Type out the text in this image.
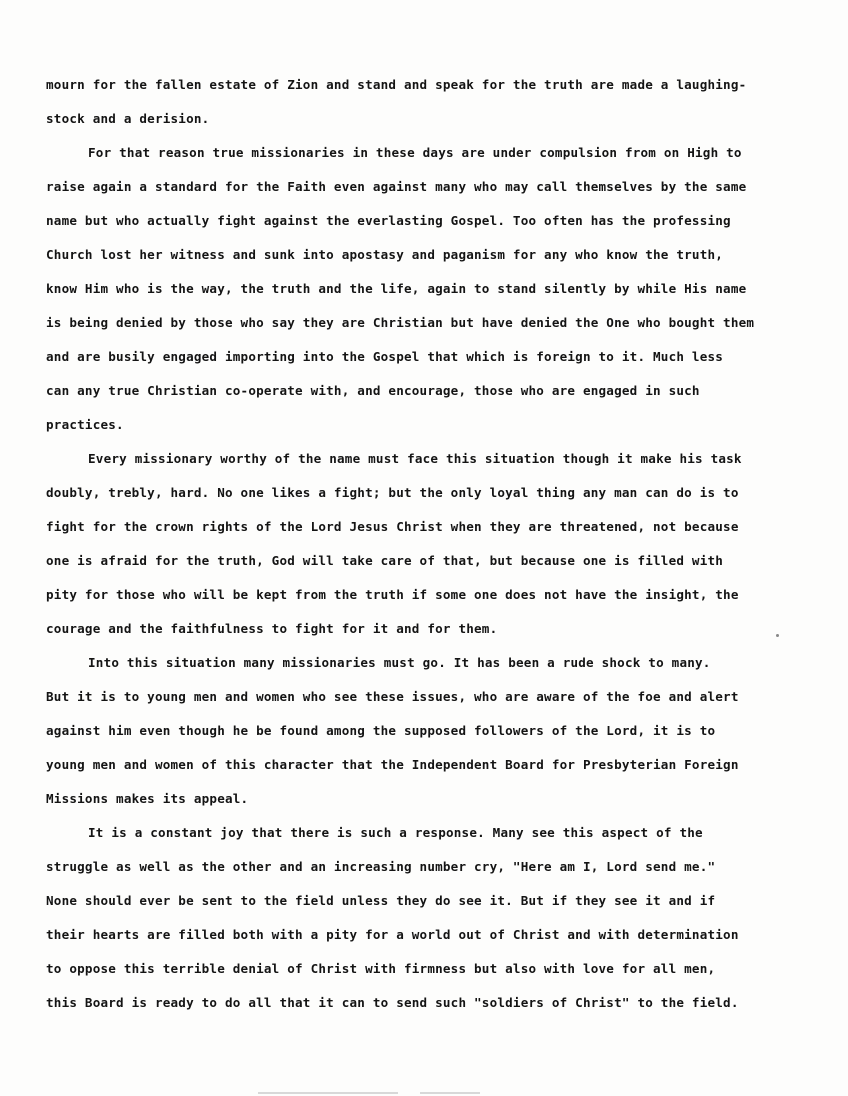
mourn for the fallen estate of Zion and stand and speak for the truth are made a laughing-
stock and a derision.
For that reason true missionaries in these days are under compulsion from on High to
raise again a standard for the Faith even against many who may call themselves by the same
name but who actually fight against the everlasting Gospel. Too often has the professing
Church lost her witness and sunk into apostasy and paganism for any who know the truth,
know Him who is the way, the truth and the life, again to stand silently by while His name
is being denied by those who say they are Christian but have denied the One who bought them
and are busily engaged importing into the Gospel that which is foreign to it. Much less
can any true Christian co-operate with, and encourage, those who are engaged in such
practices.
Every missionary worthy of the name must face this situation though it make his task
doubly, trebly, hard. No one likes a fight; but the only loyal thing any man can do is to
fight for the crown rights of the Lord Jesus Christ when they are threatened, not because
one is afraid for the truth, God will take care of that, but because one is filled with
pity for those who will be kept from the truth if some one does not have the insight, the
courage and the faithfulness to fight for it and for them.
Into this situation many missionaries must go. It has been a rude shock to many.
But it is to young men and women who see these issues, who are aware of the foe and alert
against him even though he be found among the supposed followers of the Lord, it is to
young men and women of this character that the Independent Board for Presbyterian Foreign
Missions makes its appeal.
It is a constant joy that there is such a response. Many see this aspect of the
struggle as well as the other and an increasing number cry, "Here am I, Lord send me."
None should ever be sent to the field unless they do see it. But if they see it and if
their hearts are filled both with a pity for a world out of Christ and with determination
to oppose this terrible denial of Christ with firmness but also with love for all men,
this Board is ready to do all that it can to send such "soldiers of Christ" to the field.
